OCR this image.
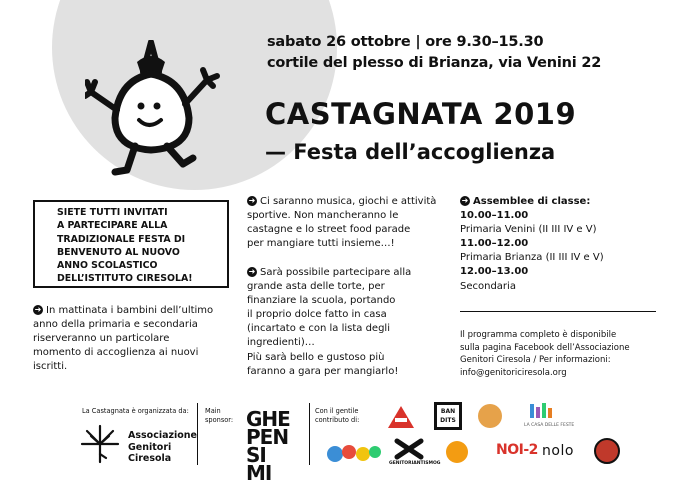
sabato 26 ottobre | ore 9.30–15.30
cortile del plesso di Brianza, via Venini 22
CASTAGNATA 2019
— Festa dell’accoglienza
SIETE TUTTI INVITATI
A PARTECIPARE ALLA
TRADIZIONALE FESTA DI
BENVENUTO AL NUOVO
ANNO SCOLASTICO
DELL’ISTITUTO CIRESOLA!
➜ In mattinata i bambini dell’ultimo
anno della primaria e secondaria
riserveranno un particolare
momento di accoglienza ai nuovi
iscritti.
➜ Ci saranno musica, giochi e attività
sportive. Non mancheranno le
castagne e lo street food parade
per mangiare tutti insieme…!
➜ Sarà possibile partecipare alla
grande asta delle torte, per
finanziare la scuola, portando
il proprio dolce fatto in casa
(incartato e con la lista degli
ingredienti)…
Più sarà bello e gustoso più
faranno a gara per mangiarlo!
➜ Assemblee di classe:
10.00–11.00
Primaria Venini (II III IV e V)
11.00–12.00
Primaria Brianza (II III IV e V)
12.00–13.00
Secondaria
Il programma completo è disponibile
sulla pagina Facebook dell’Associazione
Genitori Ciresola / Per informazioni:
info@genitoriciresola.org
La Castagnata è organizzata da:
Associazione
Genitori
Ciresola
Main
sponsor: GHE
PEN
SI
MI
Con il gentile
contributo di:
BAN DITS
LA CASA DELLE FESTE
GENITORIANTISMOG
NOI-2 nolo
